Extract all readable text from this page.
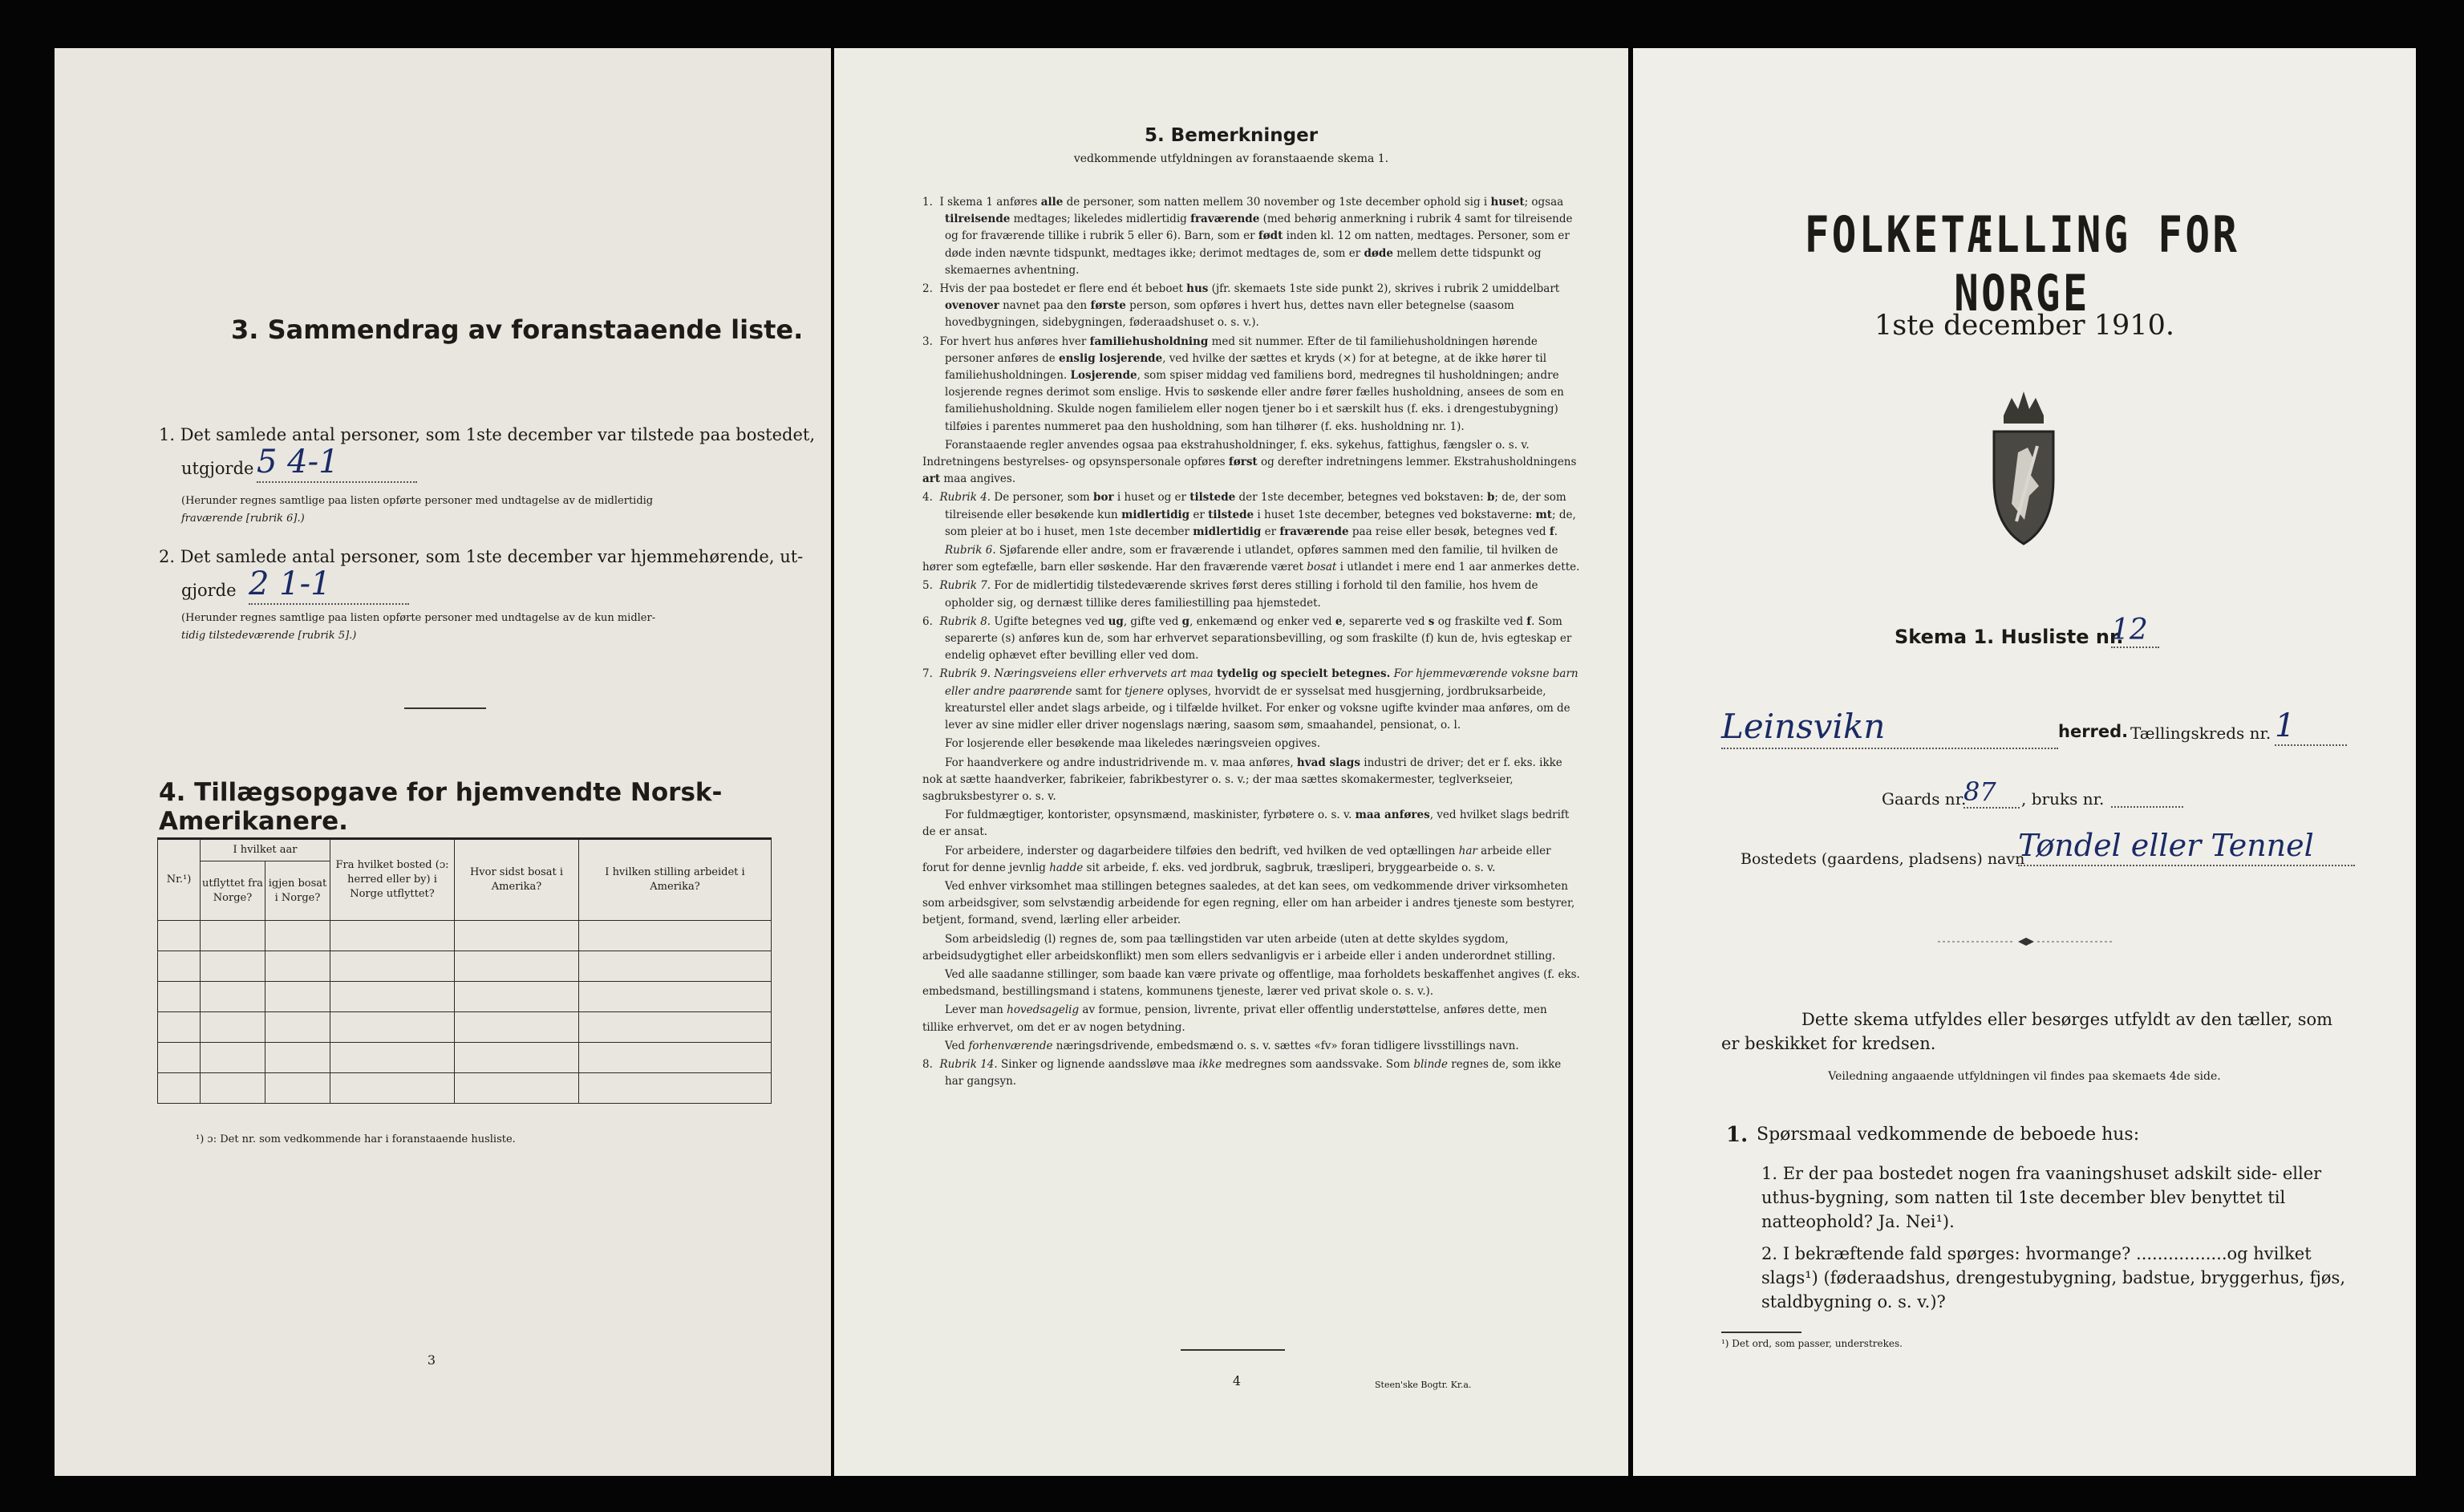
3. Sammendrag av foranstaaende liste.
1. Det samlede antal personer, som 1ste december var tilstede paa bostedet,
utgjorde 5 4-1
(Herunder regnes samtlige paa listen opførte personer med undtagelse av de midlertidig
fraværende [rubrik 6].)
2. Det samlede antal personer, som 1ste december var hjemmehørende, ut-
gjorde 2 1-1
(Herunder regnes samtlige paa listen opførte personer med undtagelse av de kun midler-
tidig tilstedeværende [rubrik 5].)
4. Tillægsopgave for hjemvendte Norsk-Amerikanere.
Nr.¹)	I hvilket aar		Fra hvilket bosted (ɔ: herred eller by) i Norge utflyttet?	Hvor sidst bosat i Amerika?	I hvilken stilling arbeidet i Amerika?
	utflyttet fra Norge?	igjen bosat i Norge?			

¹) ɔ: Det nr. som vedkommende har i foranstaaende husliste.
3
5. Bemerkninger
vedkommende utfyldningen av foranstaaende skema 1.

1.  I skema 1 anføres alle de personer, som natten mellem 30 november og 1ste december ophold sig i huset; ogsaa tilreisende medtages; likeledes midlertidig fraværende (med behørig anmerkning i rubrik 4 samt for tilreisende og for fraværende tillike i rubrik 5 eller 6). Barn, som er født inden kl. 12 om natten, medtages. Personer, som er døde inden nævnte tidspunkt, medtages ikke; derimot medtages de, som er døde mellem dette tidspunkt og skemaernes avhentning.

2.  Hvis der paa bostedet er flere end ét beboet hus (jfr. skemaets 1ste side punkt 2), skrives i rubrik 2 umiddelbart ovenover navnet paa den første person, som opføres i hvert hus, dettes navn eller betegnelse (saasom hovedbygningen, sidebygningen, føderaadshuset o. s. v.).

3.  For hvert hus anføres hver familiehusholdning med sit nummer. Efter de til familiehusholdningen hørende personer anføres de enslig losjerende, ved hvilke der sættes et kryds (×) for at betegne, at de ikke hører til familiehusholdningen. Losjerende, som spiser middag ved familiens bord, medregnes til husholdningen; andre losjerende regnes derimot som enslige. Hvis to søskende eller andre fører fælles husholdning, ansees de som en familiehusholdning. Skulde nogen familielem eller nogen tjener bo i et særskilt hus (f. eks. i drengestubygning) tilføies i parentes nummeret paa den husholdning, som han tilhører (f. eks. husholdning nr. 1).

Foranstaaende regler anvendes ogsaa paa ekstrahusholdninger, f. eks. sykehus, fattighus, fængsler o. s. v. Indretningens bestyrelses- og opsynspersonale opføres først og derefter indretningens lemmer. Ekstrahusholdningens art maa angives.

4.  Rubrik 4. De personer, som bor i huset og er tilstede der 1ste december, betegnes ved bokstaven: b; de, der som tilreisende eller besøkende kun midlertidig er tilstede i huset 1ste december, betegnes ved bokstaverne: mt; de, som pleier at bo i huset, men 1ste december midlertidig er fraværende paa reise eller besøk, betegnes ved f.

Rubrik 6. Sjøfarende eller andre, som er fraværende i utlandet, opføres sammen med den familie, til hvilken de hører som egtefælle, barn eller søskende. Har den fraværende været bosat i utlandet i mere end 1 aar anmerkes dette.

5.  Rubrik 7. For de midlertidig tilstedeværende skrives først deres stilling i forhold til den familie, hos hvem de opholder sig, og dernæst tillike deres familiestilling paa hjemstedet.

6.  Rubrik 8. Ugifte betegnes ved ug, gifte ved g, enkemænd og enker ved e, separerte ved s og fraskilte ved f. Som separerte (s) anføres kun de, som har erhvervet separationsbevilling, og som fraskilte (f) kun de, hvis egteskap er endelig ophævet efter bevilling eller ved dom.

7.  Rubrik 9. Næringsveiens eller erhvervets art maa tydelig og specielt betegnes. For hjemmeværende voksne barn eller andre paarørende samt for tjenere oplyses, hvorvidt de er sysselsat med husgjerning, jordbruksarbeide, kreaturstel eller andet slags arbeide, og i tilfælde hvilket. For enker og voksne ugifte kvinder maa anføres, om de lever av sine midler eller driver nogenslags næring, saasom søm, smaahandel, pensionat, o. l.

For losjerende eller besøkende maa likeledes næringsveien opgives.

For haandverkere og andre industridrivende m. v. maa anføres, hvad slags industri de driver; det er f. eks. ikke nok at sætte haandverker, fabrikeier, fabrikbestyrer o. s. v.; der maa sættes skomakermester, teglverkseier, sagbruksbestyrer o. s. v.

For fuldmægtiger, kontorister, opsynsmænd, maskinister, fyrbøtere o. s. v. maa anføres, ved hvilket slags bedrift de er ansat.

For arbeidere, inderster og dagarbeidere tilføies den bedrift, ved hvilken de ved optællingen har arbeide eller forut for denne jevnlig hadde sit arbeide, f. eks. ved jordbruk, sagbruk, træsliperi, bryggearbeide o. s. v.

Ved enhver virksomhet maa stillingen betegnes saaledes, at det kan sees, om vedkommende driver virksomheten som arbeidsgiver, som selvstændig arbeidende for egen regning, eller om han arbeider i andres tjeneste som bestyrer, betjent, formand, svend, lærling eller arbeider.

Som arbeidsledig (l) regnes de, som paa tællingstiden var uten arbeide (uten at dette skyldes sygdom, arbeidsudygtighet eller arbeidskonflikt) men som ellers sedvanligvis er i arbeide eller i anden underordnet stilling.

Ved alle saadanne stillinger, som baade kan være private og offentlige, maa forholdets beskaffenhet angives (f. eks. embedsmand, bestillingsmand i statens, kommunens tjeneste, lærer ved privat skole o. s. v.).

Lever man hovedsagelig av formue, pension, livrente, privat eller offentlig understøttelse, anføres dette, men tillike erhvervet, om det er av nogen betydning.

Ved forhenværende næringsdrivende, embedsmænd o. s. v. sættes «fv» foran tidligere livsstillings navn.

8.  Rubrik 14. Sinker og lignende aandssløve maa ikke medregnes som aandssvake. Som blinde regnes de, som ikke har gangsyn.

4	Steen'ske Bogtr. Kr.a.
FOLKETÆLLING FOR NORGE
1ste december 1910.
Skema 1. Husliste nr.
12
Leinsvikn	herred. Tællingskreds nr. 1
Gaards nr.
87	, bruks nr.
Bostedets (gaardens, pladsens) navn
Tøndel eller Tennel
Dette skema utfyldes eller besørges utfyldt av den tæller, som er beskikket for kredsen.
Veiledning angaaende utfyldningen vil findes paa skemaets 4de side.
1. Spørsmaal vedkommende de beboede hus:
1. Er der paa bostedet nogen fra vaaningshuset adskilt side- eller uthus-bygning, som natten til 1ste december blev benyttet til natteophold? Ja. Nei¹).
2. I bekræftende fald spørges: hvormange? .................og hvilket slags¹) (føderaadshus, drengestubygning, badstue, bryggerhus, fjøs, staldbygning o. s. v.)?
¹) Det ord, som passer, understrekes.
